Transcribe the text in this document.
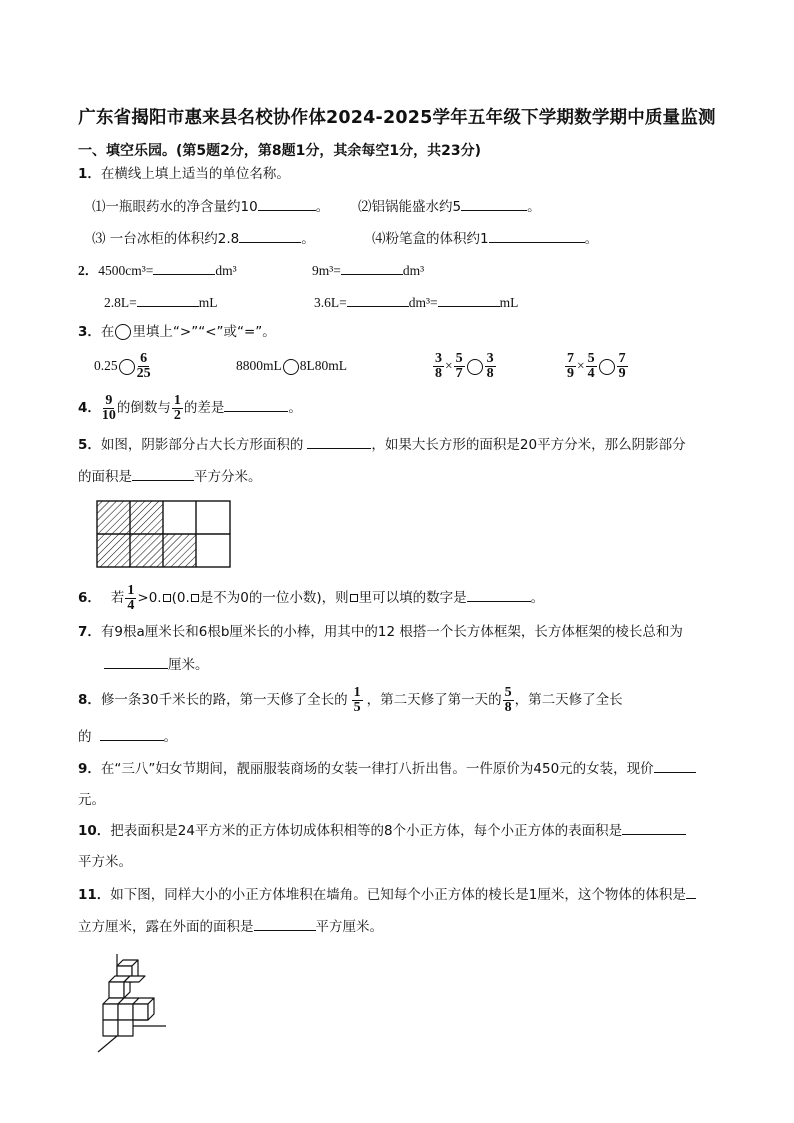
广东省揭阳市惠来县名校协作体2024-2025学年五年级下学期数学期中质量监测
一、填空乐园。(第5题2分，第8题1分，其余每空1分，共23分)
1．在横线上填上适当的单位名称。
⑴一瓶眼药水的净含量约10	。 ⑵铝锅能盛水约5	。
⑶ 一台冰柜的体积约2.8	。	⑷粉笔盒的体积约1	。
2．4500cm³=	dm³	9m³=	dm³
2.8L=	mL	3.6L=	dm³=	mL
3．在 里填上“>”“<”或“=”。
$0.25 \frac{6}{25}$	8800mL 8L80mL	$\frac{3}{8} \times \frac{5}{7} \frac{3}{8}$	$\frac{7}{9} \times \frac{5}{4} \frac{7}{9}$
4． $\frac{9}{10}$ 的倒数与 $\frac{1}{2}$ 的差是	。
5．如图，阴影部分占大长方形面积的	，如果大长方形的面积是20平方分米，那么阴影部分
的面积是	平方分米。
6． 若 $\frac{1}{4} >0$. (0. 是不为0的一位小数)，则 里可以填的数字是	。
7．有9根a厘米长和6根b厘米长的小棒，用其中的12 根搭一个长方体框架，长方体框架的棱长总和为
厘米。
8．修一条30千米长的路，第一天修了全长的 $\frac{1}{5}$ ，第二天修了第一天的 $\frac{5}{8}$ ，第二天修了全长
的	。
9．在“三八”妇女节期间，靓丽服装商场的女装一律打八折出售。一件原价为450元的女装，现价
元。
10．把表面积是24平方米的正方体切成体积相等的8个小正方体，每个小正方体的表面积是
平方米。
11．如下图，同样大小的小正方体堆积在墙角。已知每个小正方体的棱长是1厘米，这个物体的体积是
立方厘米，露在外面的面积是	平方厘米。
